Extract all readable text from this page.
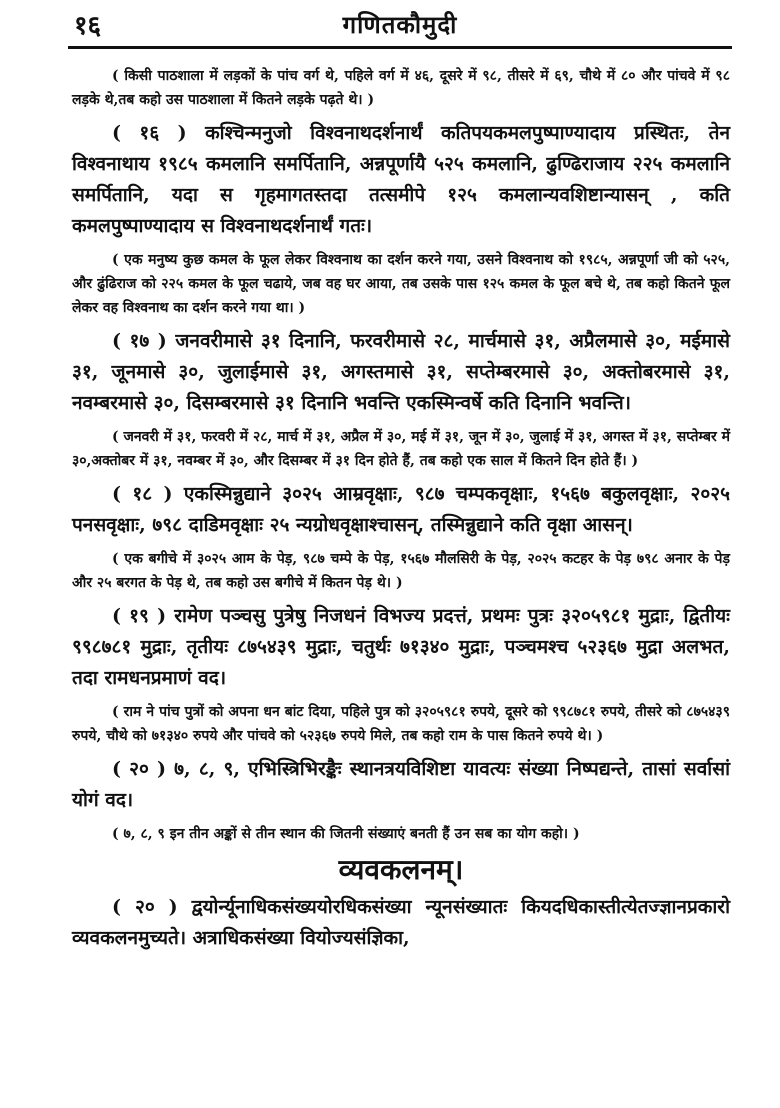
१६	गणितकौमुदी
( किसी पाठशाला में लड़कों के पांच वर्ग थे, पहिले वर्ग में ४६, दूसरे में ९८, तीसरे में ६९, चौथे में ८० और पांचवे में ९८ लड़के थे,तब कहो उस पाठशाला में कितने लड़के पढ़ते थे। )
( १६ ) कश्चिन्मनुजो विश्वनाथदर्शनार्थं कतिपयकमलपुष्पाण्यादाय प्रस्थितः, तेन विश्वनाथाय १९८५ कमलानि समर्पितानि, अन्नपूर्णायै ५२५ कमलानि, ढुण्ढिराजाय २२५ कमलानि समर्पितानि, यदा स गृहमागतस्तदा तत्समीपे १२५ कमलान्यवशिष्टान्यासन् , कति कमलपुष्पाण्यादाय स विश्वनाथदर्शनार्थं गतः।
( एक मनुष्य कुछ कमल के फूल लेकर विश्वनाथ का दर्शन करने गया, उसने विश्वनाथ को १९८५, अन्नपूर्णा जी को ५२५, और ढुंढिराज को २२५ कमल के फूल चढाये, जब वह घर आया, तब उसके पास १२५ कमल के फूल बचे थे, तब कहो कितने फूल लेकर वह विश्वनाथ का दर्शन करने गया था। )
( १७ ) जनवरीमासे ३१ दिनानि, फरवरीमासे २८, मार्चमासे ३१, अप्रैलमासे ३०, मईमासे ३१, जूनमासे ३०, जुलाईमासे ३१, अगस्तमासे ३१, सप्तेम्बरमासे ३०, अक्तोबरमासे ३१, नवम्बरमासे ३०, दिसम्बरमासे ३१ दिनानि भवन्ति एकस्मिन्वर्षे कति दिनानि भवन्ति।
( जनवरी में ३१, फरवरी में २८, मार्च में ३१, अप्रैल में ३०, मई में ३१, जून में ३०, जुलाई में ३१, अगस्त में ३१, सप्तेम्बर में ३०,अक्तोबर में ३१, नवम्बर में ३०, और दिसम्बर में ३१ दिन होते हैं, तब कहो एक साल में कितने दिन होते हैं। )
( १८ ) एकस्मिन्नुद्याने ३०२५ आम्रवृक्षाः, ९८७ चम्पकवृक्षाः, १५६७ बकुलवृक्षाः, २०२५ पनसवृक्षाः, ७९८ दाडिमवृक्षाः २५ न्यग्रोधवृक्षाश्चासन्, तस्मिन्नुद्याने कति वृक्षा आसन्।
( एक बगीचे में ३०२५ आम के पेड़, ९८७ चम्पे के पेड़, १५६७ मौलसिरी के पेड़, २०२५ कटहर के पेड़ ७९८ अनार के पेड़ और २५ बरगत के पेड़ थे, तब कहो उस बगीचे में कितन पेड़ थे। )
( १९ ) रामेण पञ्चसु पुत्रेषु निजधनं विभज्य प्रदत्तं, प्रथमः पुत्रः ३२०५९८१ मुद्राः, द्वितीयः ९९८७८१ मुद्राः, तृतीयः ८७५४३९ मुद्राः, चतुर्थः ७१३४० मुद्राः, पञ्चमश्च ५२३६७ मुद्रा अलभत, तदा रामधनप्रमाणं वद।
( राम ने पांच पुत्रों को अपना धन बांट दिया, पहिले पुत्र को ३२०५९८१ रुपये, दूसरे को ९९८७८१ रुपये, तीसरे को ८७५४३९ रुपये, चौथे को ७१३४० रुपये और पांचवे को ५२३६७ रुपये मिले, तब कहो राम के पास कितने रुपये थे। )
( २० ) ७, ८, ९, एभिस्त्रिभिरङ्कैः स्थानत्रयविशिष्टा यावत्यः संख्या निष्पद्यन्ते, तासां सर्वासां योगं वद।
( ७, ८, ९ इन तीन अङ्कों से तीन स्थान की जितनी संख्याएं बनती हैं उन सब का योग कहो। )
व्यवकलनम्।
( २० ) द्वयोर्न्यूनाधिकसंख्ययोरधिकसंख्या न्यूनसंख्यातः कियदधिकास्तीत्येतज्ज्ञानप्रकारो व्यवकलनमुच्यते। अत्राधिकसंख्या वियोज्यसंज्ञिका,
